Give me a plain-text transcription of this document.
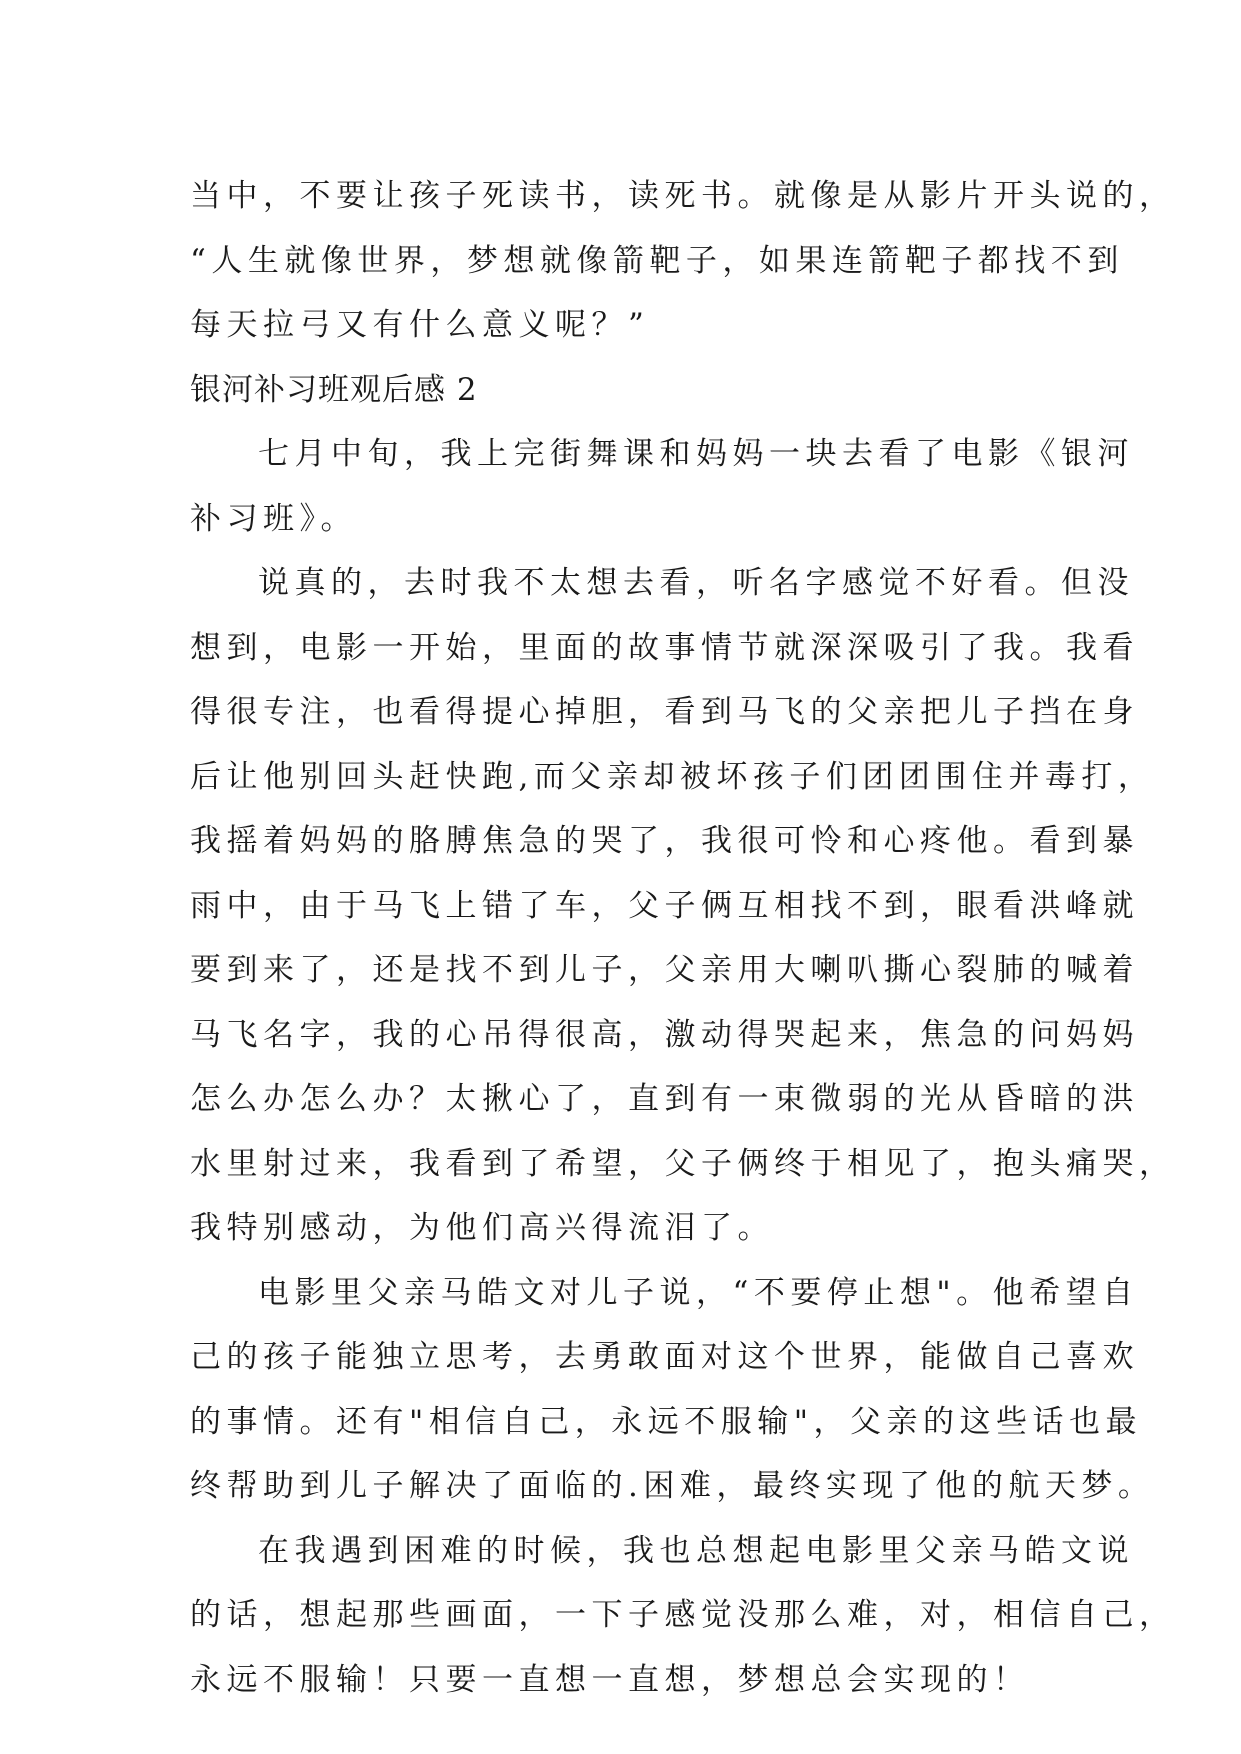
当中，不要让孩子死读书，读死书。就像是从影片开头说的，
“人生就像世界，梦想就像箭靶子，如果连箭靶子都找不到
每天拉弓又有什么意义呢？”
银河补习班观后感 2
七月中旬，我上完街舞课和妈妈一块去看了电影《银河
补习班》。
说真的，去时我不太想去看，听名字感觉不好看。但没
想到，电影一开始，里面的故事情节就深深吸引了我。我看
得很专注，也看得提心掉胆，看到马飞的父亲把儿子挡在身
后让他别回头赶快跑,而父亲却被坏孩子们团团围住并毒打，
我摇着妈妈的胳膊焦急的哭了，我很可怜和心疼他。看到暴
雨中，由于马飞上错了车，父子俩互相找不到，眼看洪峰就
要到来了，还是找不到儿子，父亲用大喇叭撕心裂肺的喊着
马飞名字，我的心吊得很高，激动得哭起来，焦急的问妈妈
怎么办怎么办？太揪心了，直到有一束微弱的光从昏暗的洪
水里射过来，我看到了希望，父子俩终于相见了，抱头痛哭，
我特别感动，为他们高兴得流泪了。
电影里父亲马皓文对儿子说，“不要停止想"。他希望自
己的孩子能独立思考，去勇敢面对这个世界，能做自己喜欢
的事情。还有"相信自己，永远不服输"，父亲的这些话也最
终帮助到儿子解决了面临的.困难，最终实现了他的航天梦。
在我遇到困难的时候，我也总想起电影里父亲马皓文说
的话，想起那些画面，一下子感觉没那么难，对，相信自己，
永远不服输！只要一直想一直想，梦想总会实现的！
